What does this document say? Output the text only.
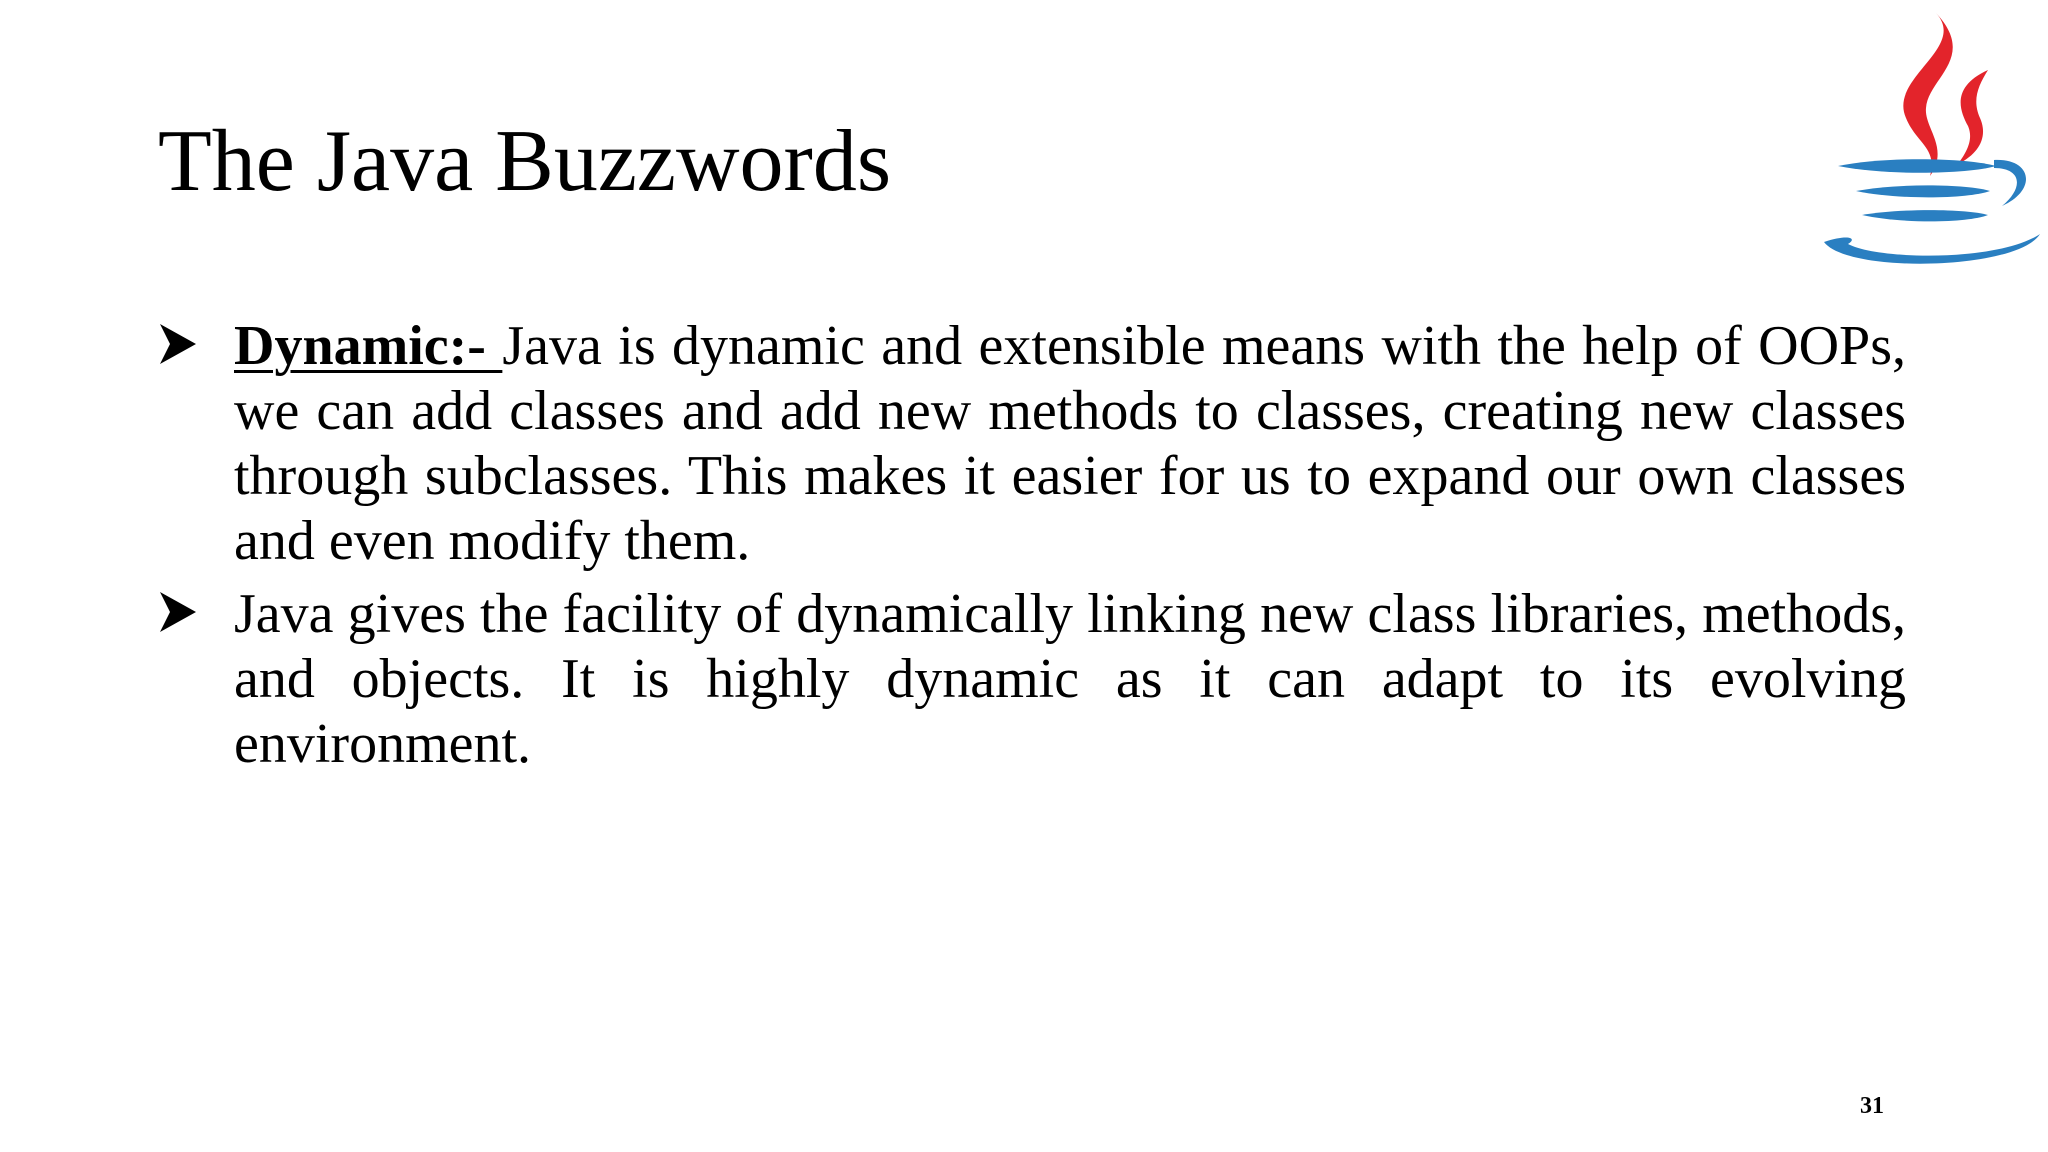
The Java Buzzwords
Dynamic:- Java is dynamic and extensible means with the help of OOPs, we can add classes and add new methods to classes, creating new classes through subclasses. This makes it easier for us to expand our own classes and even modify them.
Java gives the facility of dynamically linking new class libraries, methods, and objects. It is highly dynamic as it can adapt to its evolving environment.
31
